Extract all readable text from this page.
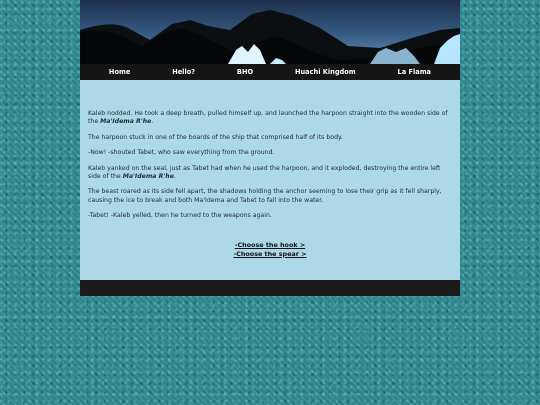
Home	Hello?	BHO	Huachi Kingdom	La Flama

Kaleb nodded. He took a deep breath, pulled himself up, and launched the harpoon straight into the wooden side of the Ma'Idema R'he.

The harpoon stuck in one of the boards of the ship that comprised half of its body.

-Now! -shouted Tabet, who saw everything from the ground.

Kaleb yanked on the seal, just as Tabet had when he used the harpoon, and it exploded, destroying the entire left side of the Ma'Idema R'he.

The beast roared as its side fell apart, the shadows holding the anchor seeming to lose their grip as it fell sharply, causing the ice to break and both Ma'Idema and Tabet to fall into the water.

-Tabet! -Kaleb yelled, then he turned to the weapons again.

-Choose the hook >
-Choose the spear >
